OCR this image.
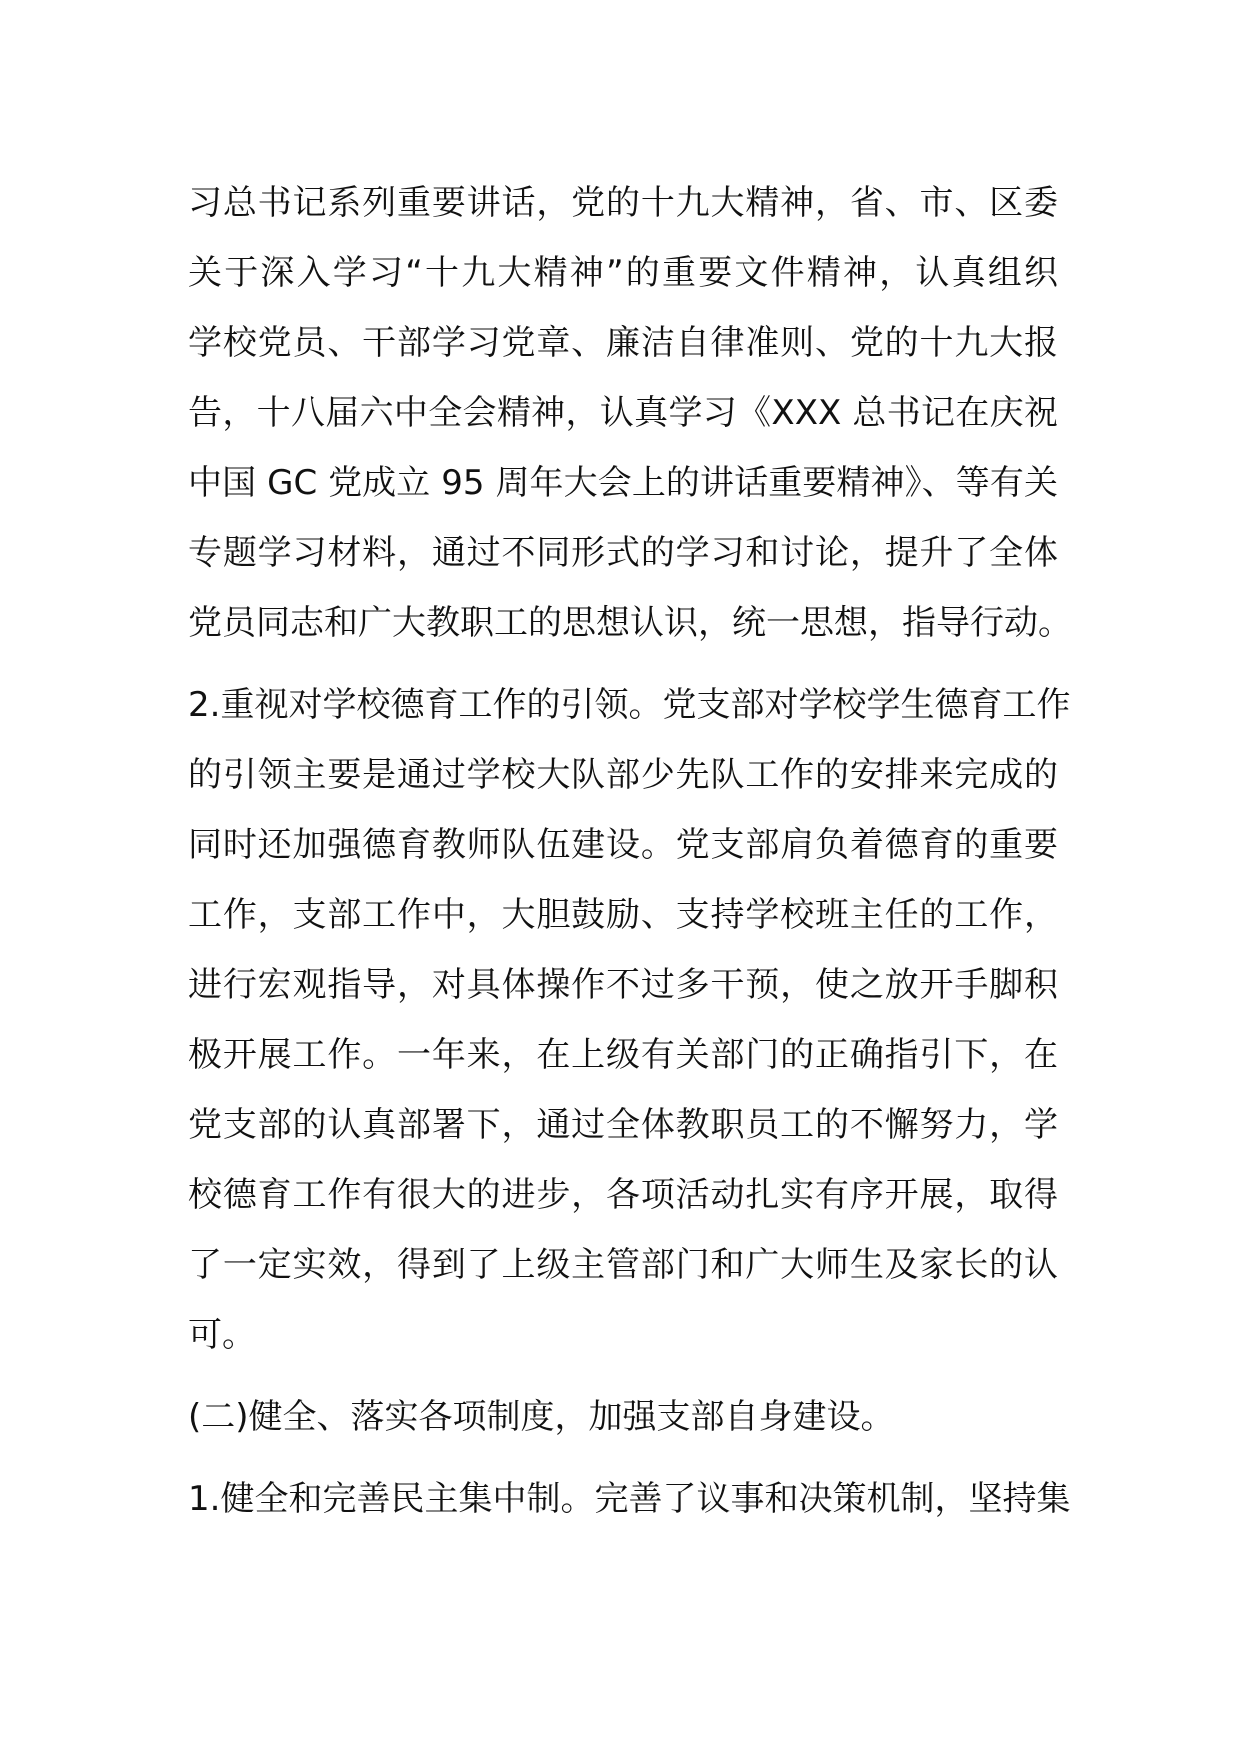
习总书记系列重要讲话，党的十九大精神，省、市、区委
关于深入学习“十九大精神”的重要文件精神，认真组织
学校党员、干部学习党章、廉洁自律准则、党的十九大报
告，十八届六中全会精神，认真学习《XXX 总书记在庆祝
中国 GC 党成立 95 周年大会上的讲话重要精神》、等有关
专题学习材料，通过不同形式的学习和讨论，提升了全体
党员同志和广大教职工的思想认识，统一思想，指导行动。
2.重视对学校德育工作的引领。党支部对学校学生德育工作
的引领主要是通过学校大队部少先队工作的安排来完成的
同时还加强德育教师队伍建设。党支部肩负着德育的重要
工作，支部工作中，大胆鼓励、支持学校班主任的工作，
进行宏观指导，对具体操作不过多干预，使之放开手脚积
极开展工作。一年来，在上级有关部门的正确指引下，在
党支部的认真部署下，通过全体教职员工的不懈努力，学
校德育工作有很大的进步，各项活动扎实有序开展，取得
了一定实效，得到了上级主管部门和广大师生及家长的认
可。
(二)健全、落实各项制度，加强支部自身建设。
1.健全和完善民主集中制。完善了议事和决策机制，坚持集
